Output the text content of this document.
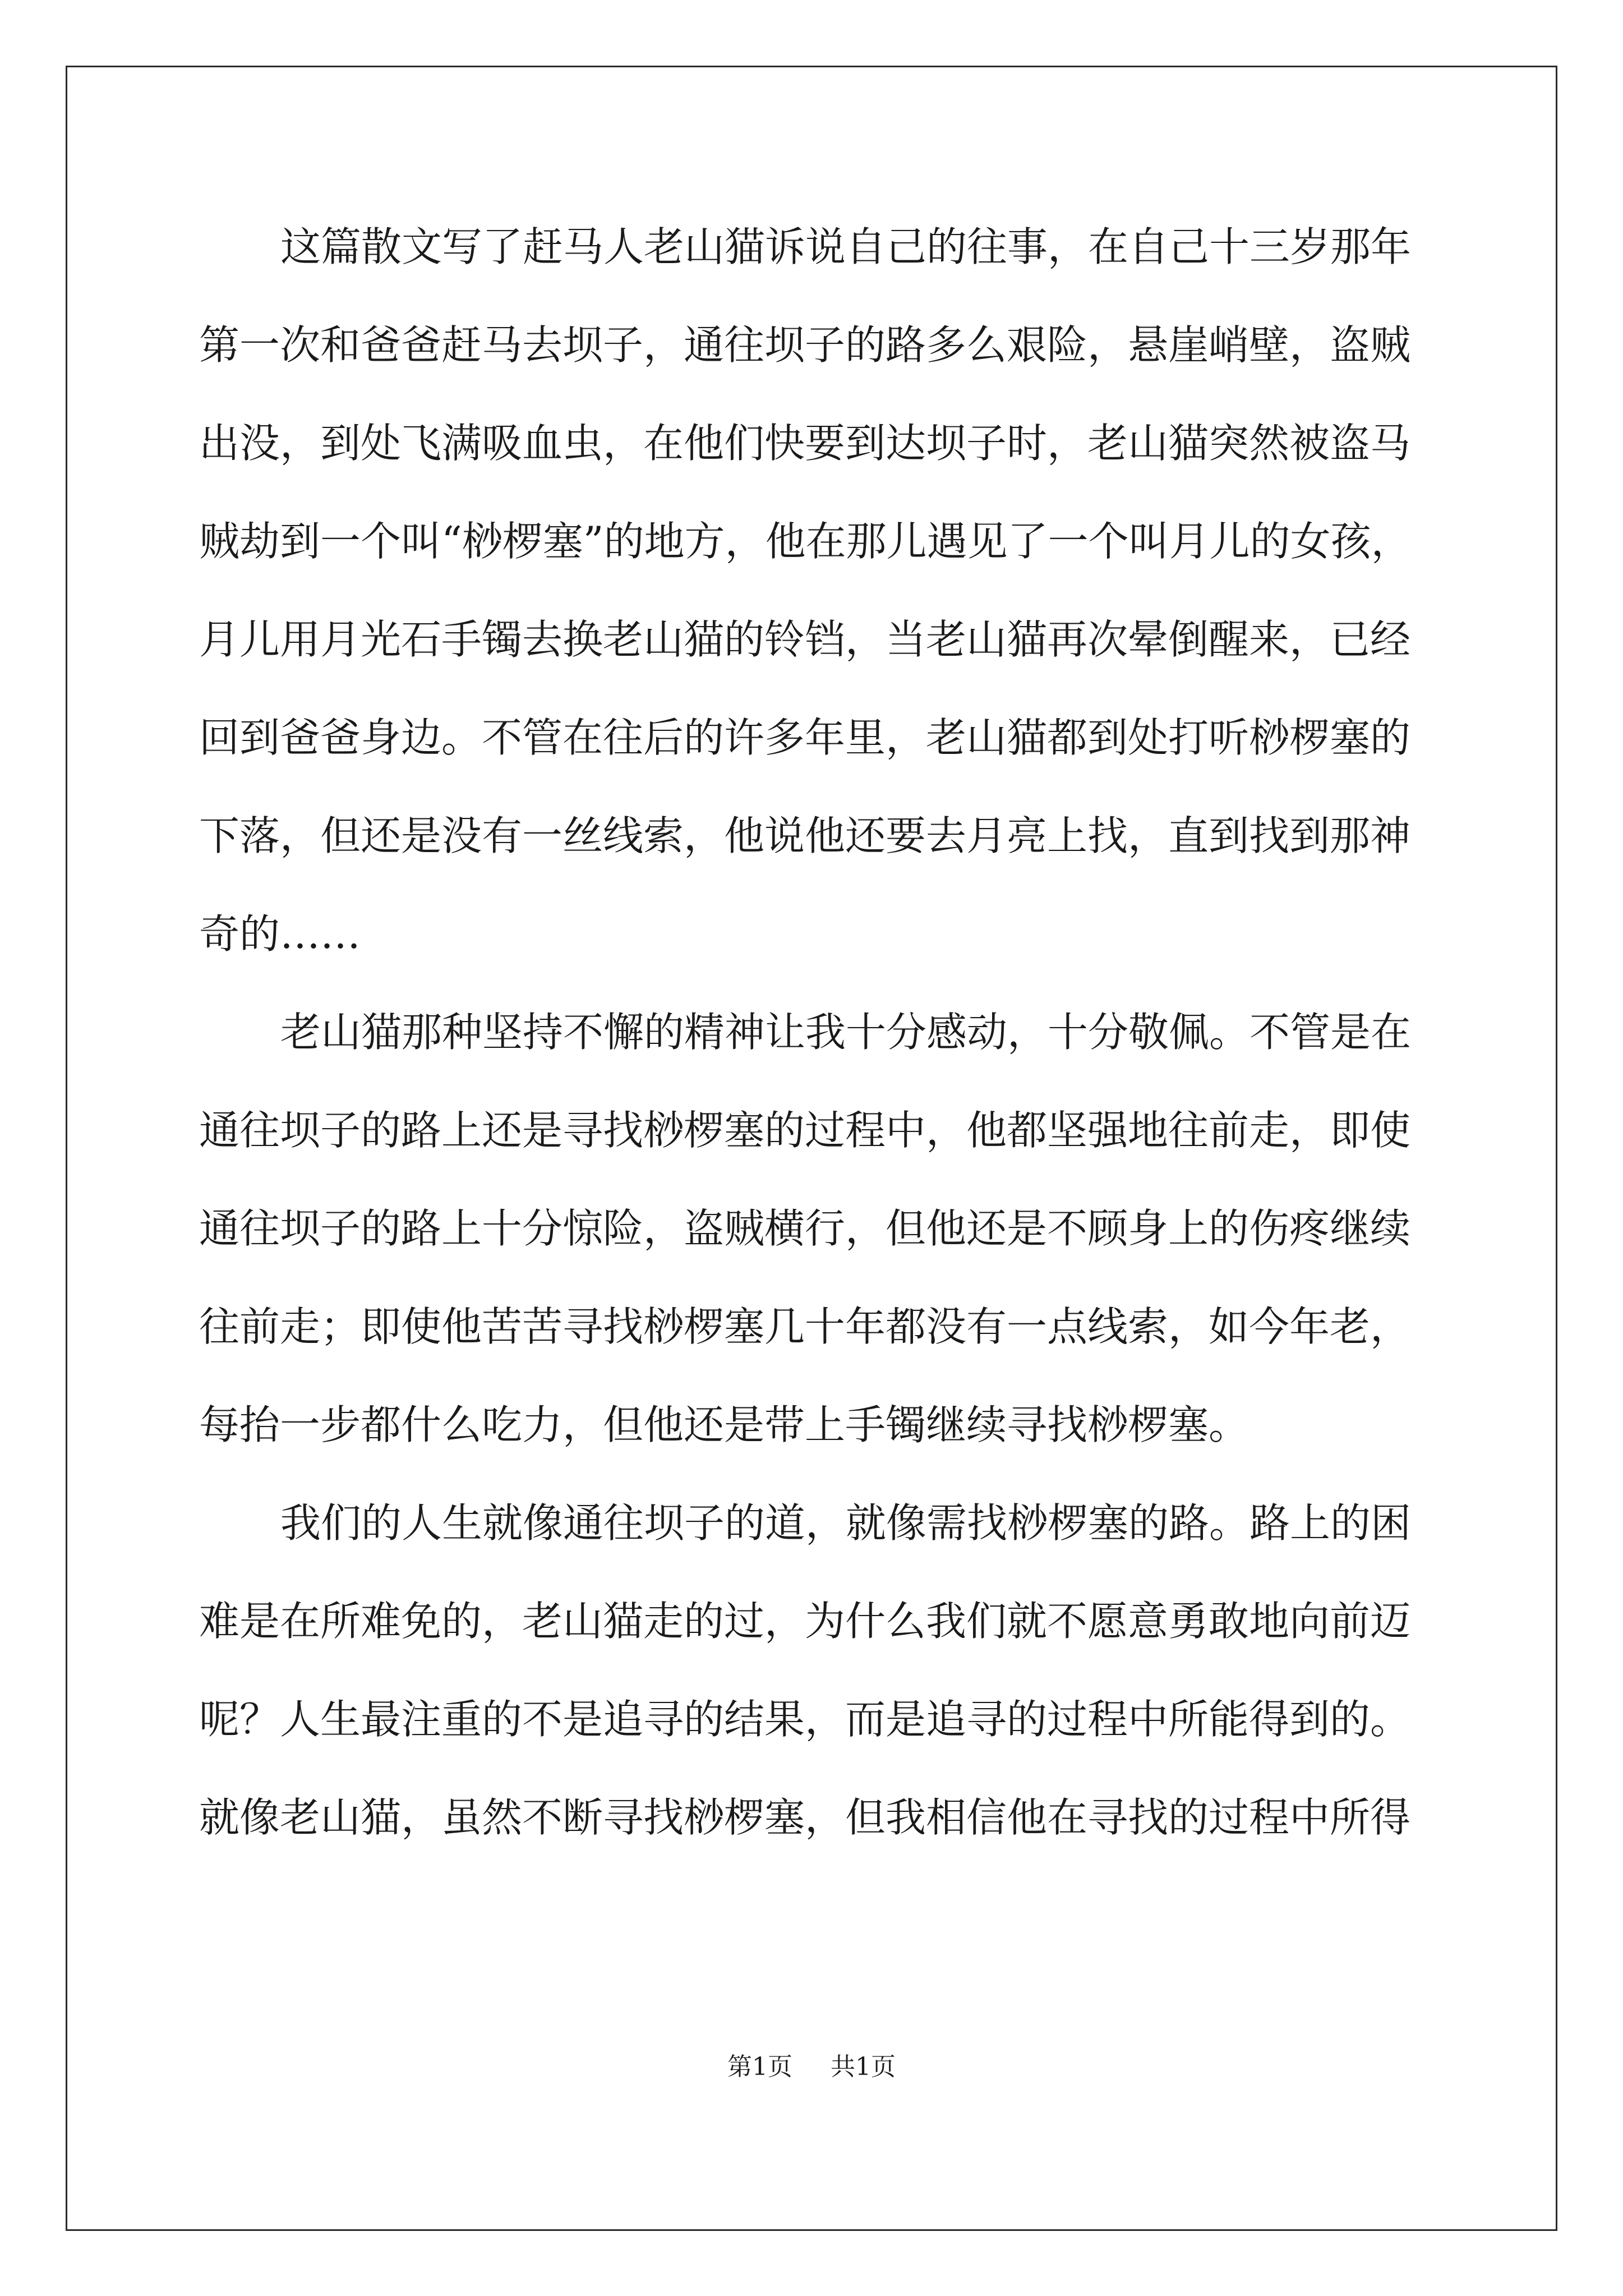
这篇散文写了赶马人老山猫诉说自己的往事，在自己十三岁那年
第一次和爸爸赶马去坝子，通往坝子的路多么艰险，悬崖峭壁，盗贼
出没，到处飞满吸血虫，在他们快要到达坝子时，老山猫突然被盗马
贼劫到一个叫“桫椤塞”的地方，他在那儿遇见了一个叫月儿的女孩，
月儿用月光石手镯去换老山猫的铃铛，当老山猫再次晕倒醒来，已经
回到爸爸身边。不管在往后的许多年里，老山猫都到处打听桫椤塞的
下落，但还是没有一丝线索，他说他还要去月亮上找，直到找到那神
奇的……
老山猫那种坚持不懈的精神让我十分感动，十分敬佩。不管是在
通往坝子的路上还是寻找桫椤塞的过程中，他都坚强地往前走，即使
通往坝子的路上十分惊险，盗贼横行，但他还是不顾身上的伤疼继续
往前走；即使他苦苦寻找桫椤塞几十年都没有一点线索，如今年老，
每抬一步都什么吃力，但他还是带上手镯继续寻找桫椤塞。
我们的人生就像通往坝子的道，就像需找桫椤塞的路。路上的困
难是在所难免的，老山猫走的过，为什么我们就不愿意勇敢地向前迈
呢？人生最注重的不是追寻的结果，而是追寻的过程中所能得到的。
就像老山猫，虽然不断寻找桫椤塞，但我相信他在寻找的过程中所得
第1页 共1页
